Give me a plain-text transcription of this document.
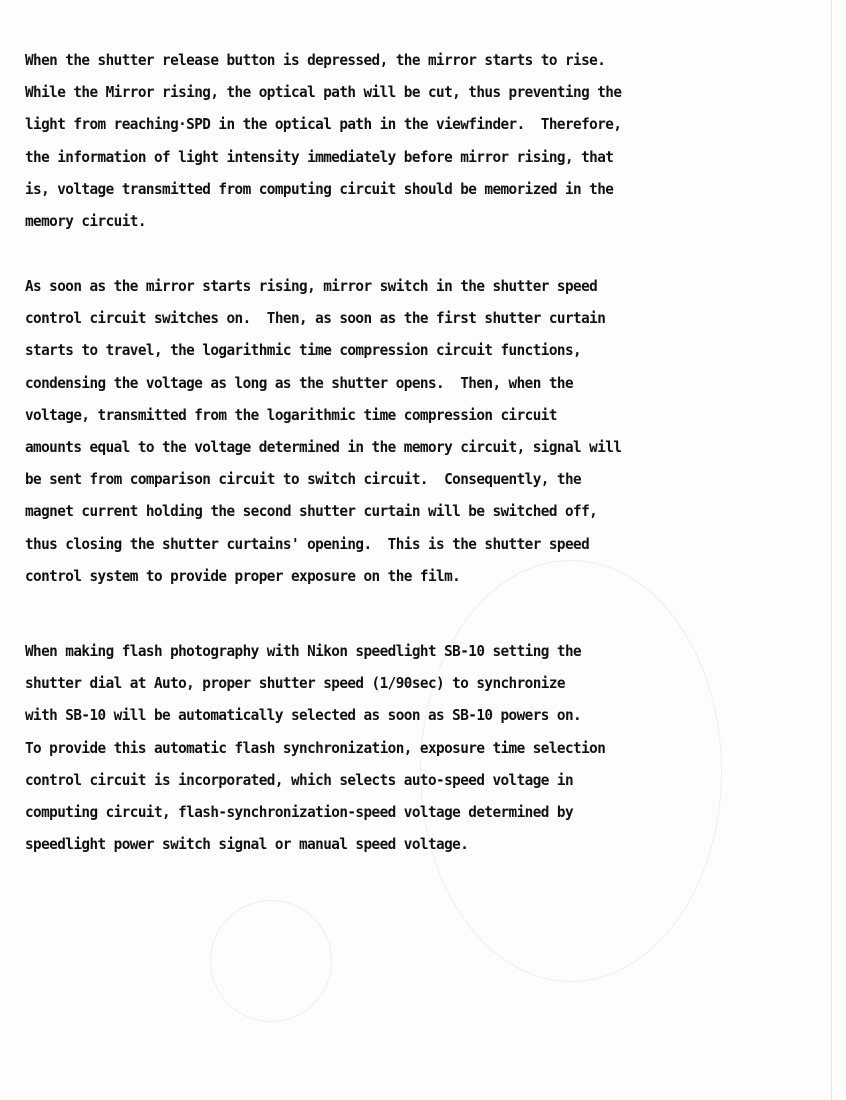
When the shutter release button is depressed, the mirror starts to rise.
While the Mirror rising, the optical path will be cut, thus preventing the
light from reaching·SPD in the optical path in the viewfinder.  Therefore,
the information of light intensity immediately before mirror rising, that
is, voltage transmitted from computing circuit should be memorized in the
memory circuit.
As soon as the mirror starts rising, mirror switch in the shutter speed
control circuit switches on.  Then, as soon as the first shutter curtain
starts to travel, the logarithmic time compression circuit functions,
condensing the voltage as long as the shutter opens.  Then, when the
voltage, transmitted from the logarithmic time compression circuit
amounts equal to the voltage determined in the memory circuit, signal will
be sent from comparison circuit to switch circuit.  Consequently, the
magnet current holding the second shutter curtain will be switched off,
thus closing the shutter curtains' opening.  This is the shutter speed
control system to provide proper exposure on the film.
When making flash photography with Nikon speedlight SB-10 setting the
shutter dial at Auto, proper shutter speed (1/90sec) to synchronize
with SB-10 will be automatically selected as soon as SB-10 powers on.
To provide this automatic flash synchronization, exposure time selection
control circuit is incorporated, which selects auto-speed voltage in
computing circuit, flash-synchronization-speed voltage determined by
speedlight power switch signal or manual speed voltage.
